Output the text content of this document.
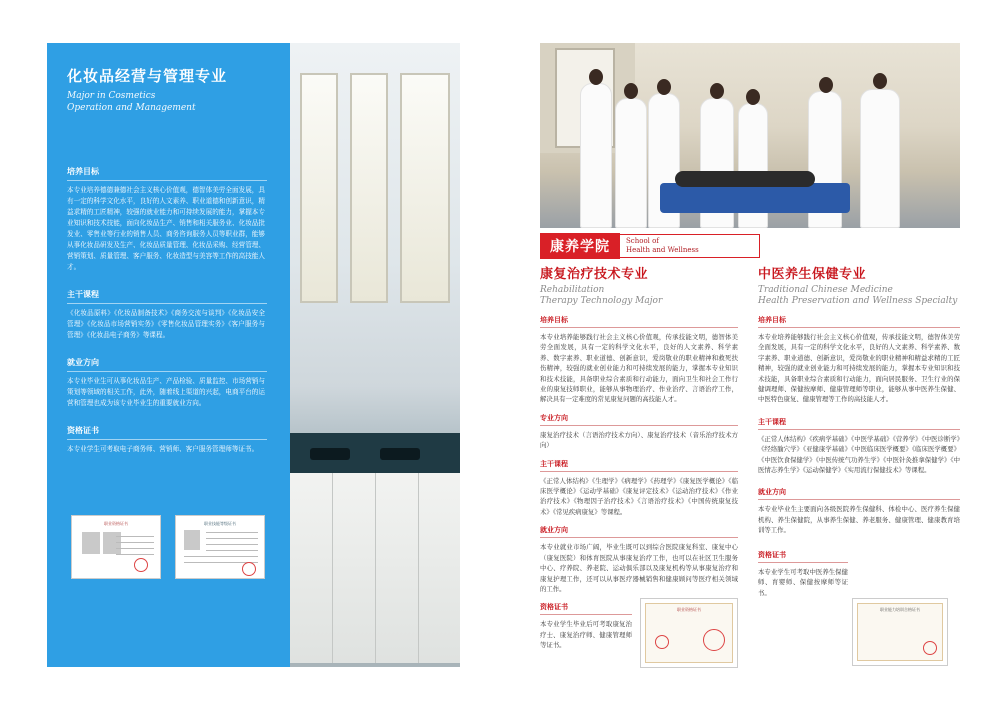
化妆品经营与管理专业
Major in Cosmetics
Operation and Management
培养目标
本专业培养德德兼德社会主义核心价值观，德智体美劳全面发展，具有一定的科学文化水平，良好的人文素养、职业道德和创新意识，精益求精的工匠精神，较强的就业能力和可持续发展的能力，掌握本专业知识和技术技能，面向化妆品生产、销售和相关服务业、化妆品批发业、零售业等行业的销售人员、商务咨询服务人员等职业群，能够从事化妆品研发及生产、化妆品质量管理、化妆品采购、经营管理、营销策划、质量管理、客户服务、化妆造型与美容等工作的高技能人才。
主干课程
《化妆品原料》《化妆品制备技术》《商务交流与谈判》《化妆品安全管理》《化妆品市场营销实务》《零售化妆品管理实务》《客户服务与管理》《化妆品电子商务》等课程。
就业方向
本专业毕业生可从事化妆品生产、产品检验、质量监控、市场营销与策划等领域的相关工作，此外，随着线上渠道的兴起，电商平台的运营和管理也成为该专业毕业生的重要就业方向。
资格证书
本专业学生可考取电子商务师、营销师、客户服务管理师等证书。
职业资格证书	职业技能等级证书
康养学院	School of
Health and Wellness
康复治疗技术专业
Rehabilitation
Therapy Technology Major
培养目标
本专业培养能够践行社会主义核心价值观，传承技能文明，德智体美劳全面发展，具有一定的科学文化水平，良好的人文素养、科学素养、数字素养、职业道德、创新意识，爱岗敬业的职业精神和救死扶伤精神，较强的就业创业能力和可持续发展的能力，掌握本专业知识和技术技能，具备职业综合素质和行动能力，面向卫生和社会工作行业的康复技师职业，能够从事物理治疗、作业治疗、言语治疗工作，解决具有一定难度的常见康复问题的高技能人才。
专业方向
康复治疗技术（言语治疗技术方向）、康复治疗技术（音乐治疗技术方向）
主干课程
《正常人体结构》《生理学》《病理学》《药理学》《康复医学概论》《临床医学概论》《运动学基础》《康复评定技术》《运动治疗技术》《作业治疗技术》《物理因子治疗技术》《言语治疗技术》《中国传统康复技术》《常见疾病康复》等课程。
就业方向
本专业就业市场广阔，毕业生既可以到综合医院康复科室、康复中心（康复医院）和体育医院从事康复治疗工作，也可以在社区卫生服务中心、疗养院、养老院、运动俱乐部以及康复机构等从事康复治疗和康复护理工作，还可以从事医疗器械销售和健康顾问等医疗相关领域的工作。
资格证书
本专业学生毕业后可考取康复治疗士、康复治疗师、健康管理师等证书。
职业资格证书
中医养生保健专业
Traditional Chinese Medicine
Health Preservation and Wellness Specialty
培养目标
本专业培养能够践行社会主义核心价值观，传承技能文明，德智体美劳全面发展，具有一定的科学文化水平，良好的人文素养、科学素养、数字素养、职业道德、创新意识，爱岗敬业的职业精神和精益求精的工匠精神，较强的就业创业能力和可持续发展的能力，掌握本专业知识和技术技能，具备职业综合素质和行动能力，面向居民服务、卫生行业的保健调理师、保健按摩师、健康管理师等职业，能够从事中医养生保健、中医特色康复、健康管理等工作的高技能人才。
主干课程
《正常人体结构》《疾病学基础》《中医学基础》《营养学》《中医诊断学》《经络腧穴学》《亚健康学基础》《中医临床医学概要》《临床医学概要》《中医饮食保健学》《中医传统气功养生学》《中医针灸推拿保健学》《中医情志养生学》《运动保健学》《实用流行保健技术》等课程。
就业方向
本专业毕业生主要面向各级医院养生保健科、体检中心、医疗养生保健机构、养生保健院，从事养生保健、养老服务、健康管理、健康教育培训等工作。
资格证书
本专业学生可考取中医养生保健师、育婴师、保健按摩师等证书。
职业能力培训合格证书
